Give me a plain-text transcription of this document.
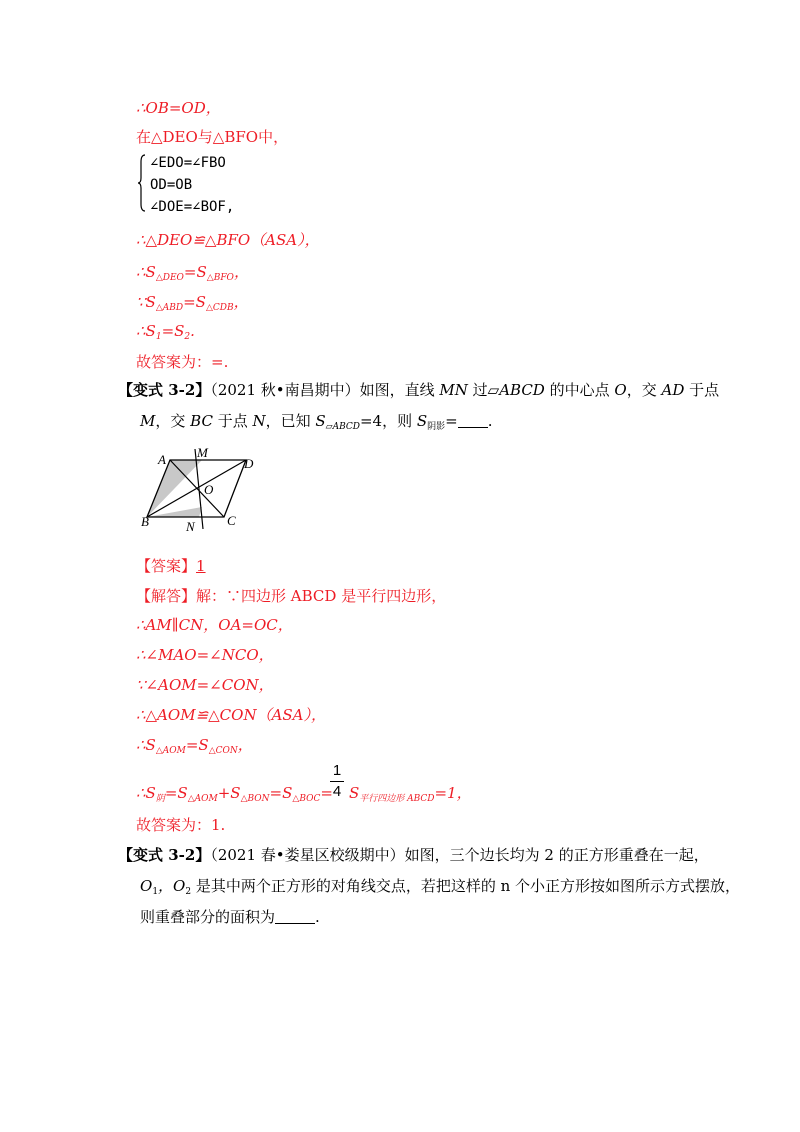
∴OB=OD，
在△DEO与△BFO中，
∠EDO=∠FBO
OD=OB
∠DOE=∠BOF,
∴△DEO≌△BFO（ASA），
$\therefore S_{\triangle DEO}=S_{\triangle BFO}$，
$\because S_{\triangle ABD}=S_{\triangle CDB}$，
$\therefore S_1=S_2$.
故答案为：=.
【变式 3-2】（2021 秋•南昌期中）如图，直线 MN 过▱ABCD 的中心点 O，交 AD 于点
M，交 BC 于点 N，已知 $S_{▱ABCD}=4$，则 $S_{阴影}=$ .
A M
D
O
B	N C
【答案】1
【解答】解：∵四边形 ABCD 是平行四边形，
∴AM∥CN，OA=OC，
∴∠MAO=∠NCO，
∵∠AOM=∠CON，
∴△AOM≌△CON（ASA），
$\therefore S_{\triangle AOM}=S_{\triangle CON}$，
$\therefore S_阴=S_{\triangle AOM}+S_{\triangle BON}=S_{\triangle BOC}= S_{平行四边形 ABCD}=1$，
1
4
故答案为：1.
【变式 3-2】（2021 春•娄星区校级期中）如图，三个边长均为 2 的正方形重叠在一起，
$O_1$，$O_2$ 是其中两个正方形的对角线交点，若把这样的 n 个小正方形按如图所示方式摆放，
则重叠部分的面积为	.
